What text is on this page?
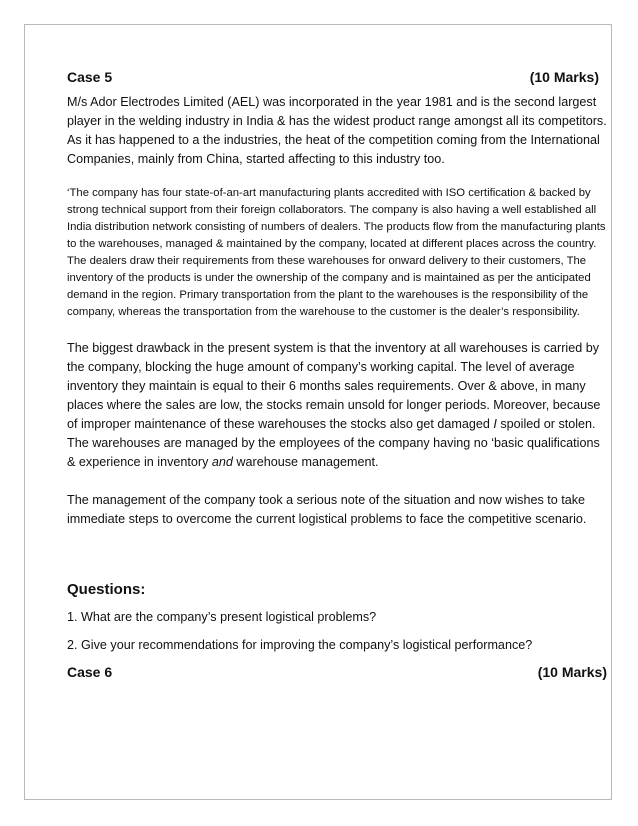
Case 5	(10 Marks)

M/s Ador Electrodes Limited (AEL) was incorporated in the year 1981 and is the second largest player in the welding industry in India & has the widest product range amongst all its competitors. As it has happened to a the industries, the heat of the competition coming from the International Companies, mainly from China, started affecting to this industry too.

‘The company has four state-of-an-art manufacturing plants accredited with ISO certification & backed by strong technical support from their foreign collaborators. The company is also having a well established all India distribution network consisting of numbers of dealers. The products flow from the manufacturing plants to the warehouses, managed & maintained by the company, located at different places across the country. The dealers draw their requirements from these warehouses for onward delivery to their customers, The inventory of the products is under the ownership of the company and is maintained as per the anticipated demand in the region. Primary transportation from the plant to the warehouses is the responsibility of the company, whereas the transportation from the warehouse to the customer is the dealer’s responsibility.

The biggest drawback in the present system is that the inventory at all warehouses is carried by the company, blocking the huge amount of company’s working capital. The level of average inventory they maintain is equal to their 6 months sales requirements. Over & above, in many places where the sales are low, the stocks remain unsold for longer periods. Moreover, because of improper maintenance of these warehouses the stocks also get damaged I spoiled or stolen. The warehouses are managed by the employees of the company having no ‘basic qualifications & experience in inventory and warehouse management.

The management of the company took a serious note of the situation and now wishes to take immediate steps to overcome the current logistical problems to face the competitive scenario.

Questions:
1. What are the company’s present logistical problems?
2. Give your recommendations for improving the company’s logistical performance?
Case 6	(10 Marks)
